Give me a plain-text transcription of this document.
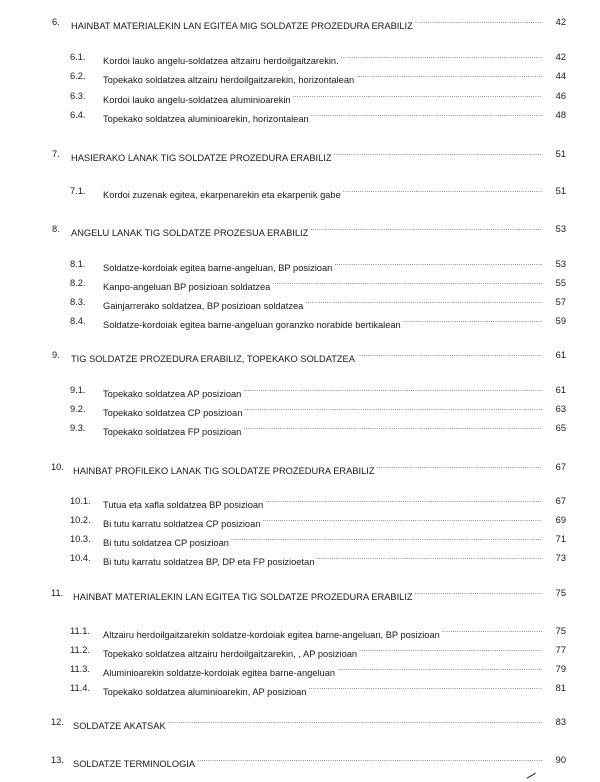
6. HAINBAT MATERIALEKIN LAN EGITEA MIG SOLDATZE PROZEDURA ERABILIZ .....	42
6.1. Kordoi lauko angelu-soldatzea altzairu herdoilgaitzarekin. .....	42
6.2. Topekako soldatzea altzairu herdoilgaitzarekin, horizontalean .....	44
6.3. Kordoi lauko angelu-soldatzea aluminioarekin .....	46
6.4. Topekako soldatzea aluminioarekin, horizontalean .....	48
7. HASIERAKO LANAK TIG SOLDATZE PROZEDURA ERABILIZ .....	51
7.1. Kordoi zuzenak egitea, ekarpenarekin eta ekarpenik gabe .....	51
8. ANGELU LANAK TIG SOLDATZE PROZESUA ERABILIZ .....	53
8.1. Soldatze-kordoiak egitea barne-angeluan, BP posizioan .....	53
8.2. Kanpo-angeluan BP posizioan soldatzea .....	55
8.3. Gainjarrerako soldatzea, BP posizioan soldatzea .....	57
8.4. Soldatze-kordoiak egitea barne-angeluan goranzko norabide bertikalean .....	59
9. TIG SOLDATZE PROZEDURA ERABILIZ, TOPEKAKO SOLDATZEA .....	61
9.1. Topekako soldatzea AP posizioan .....	61
9.2. Topekako soldatzea CP posizioan .....	63
9.3. Topekako soldatzea FP posizioan .....	65
10. HAINBAT PROFILEKO LANAK TIG SOLDATZE PROZEDURA ERABILIZ .....	67
10.1. Tutua eta xafla soldatzea BP posizioan .....	67
10.2. Bi tutu karratu soldatzea CP posizioan .....	69
10.3. Bi tutu soldatzea CP posizioan .....	71
10.4. Bi tutu karratu soldatzea BP, DP eta FP posizioetan .....	73
11. HAINBAT MATERIALEKIN LAN EGITEA TIG SOLDATZE PROZEDURA ERABILIZ .....	75
11.1. Altzairu herdoilgaitzarekin soldatze-kordoiak egitea barne-angeluan, BP posizioan .....	75
11.2. Topekako soldatzea altzairu herdoilgaitzarekin, , AP posizioan .....	77
11.3. Aluminioarekin soldatze-kordoiak egitea barne-angeluan .....	79
11.4. Topekako soldatzea aluminioarekin, AP posizioan .....	81
12. SOLDATZE AKATSAK .....	83
13. SOLDATZE TERMINOLOGIA .....	90
